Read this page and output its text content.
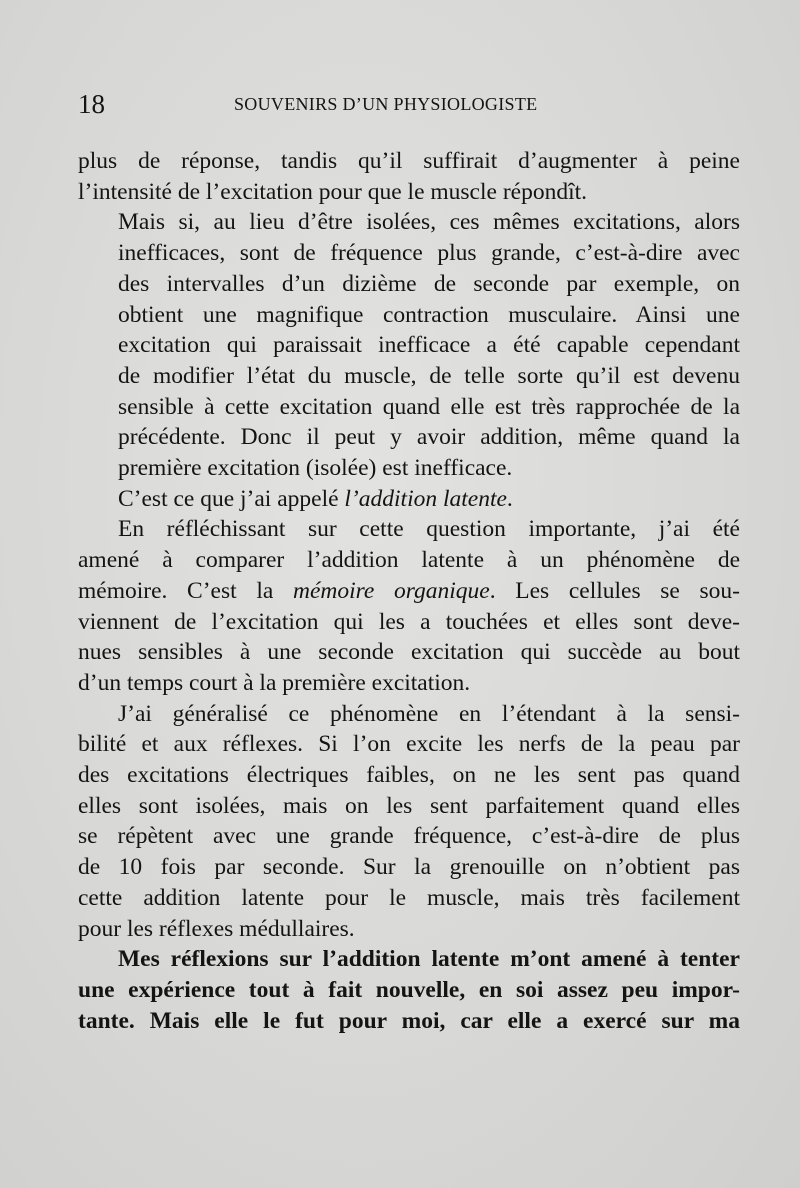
18	SOUVENIRS D’UN PHYSIOLOGISTE

plus de réponse, tandis qu’il suffirait d’augmenter à peine
l’intensité de l’excitation pour que le muscle répondît.

Mais si, au lieu d’être isolées, ces mêmes excitations, alors
inefficaces, sont de fréquence plus grande, c’est-à-dire avec
des intervalles d’un dizième de seconde par exemple, on
obtient une magnifique contraction musculaire. Ainsi une
excitation qui paraissait inefficace a été capable cependant
de modifier l’état du muscle, de telle sorte qu’il est devenu
sensible à cette excitation quand elle est très rapprochée de la
précédente. Donc il peut y avoir addition, même quand la
première excitation (isolée) est inefficace.

C’est ce que j’ai appelé l’addition latente.

En réfléchissant sur cette question importante, j’ai été
amené à comparer l’addition latente à un phénomène de
mémoire. C’est la mémoire organique. Les cellules se sou-
viennent de l’excitation qui les a touchées et elles sont deve-
nues sensibles à une seconde excitation qui succède au bout
d’un temps court à la première excitation.

J’ai généralisé ce phénomène en l’étendant à la sensi-
bilité et aux réflexes. Si l’on excite les nerfs de la peau par
des excitations électriques faibles, on ne les sent pas quand
elles sont isolées, mais on les sent parfaitement quand elles
se répètent avec une grande fréquence, c’est-à-dire de plus
de 10 fois par seconde. Sur la grenouille on n’obtient pas
cette addition latente pour le muscle, mais très facilement
pour les réflexes médullaires.

Mes réflexions sur l’addition latente m’ont amené à tenter
une expérience tout à fait nouvelle, en soi assez peu impor-
tante. Mais elle le fut pour moi, car elle a exercé sur ma
